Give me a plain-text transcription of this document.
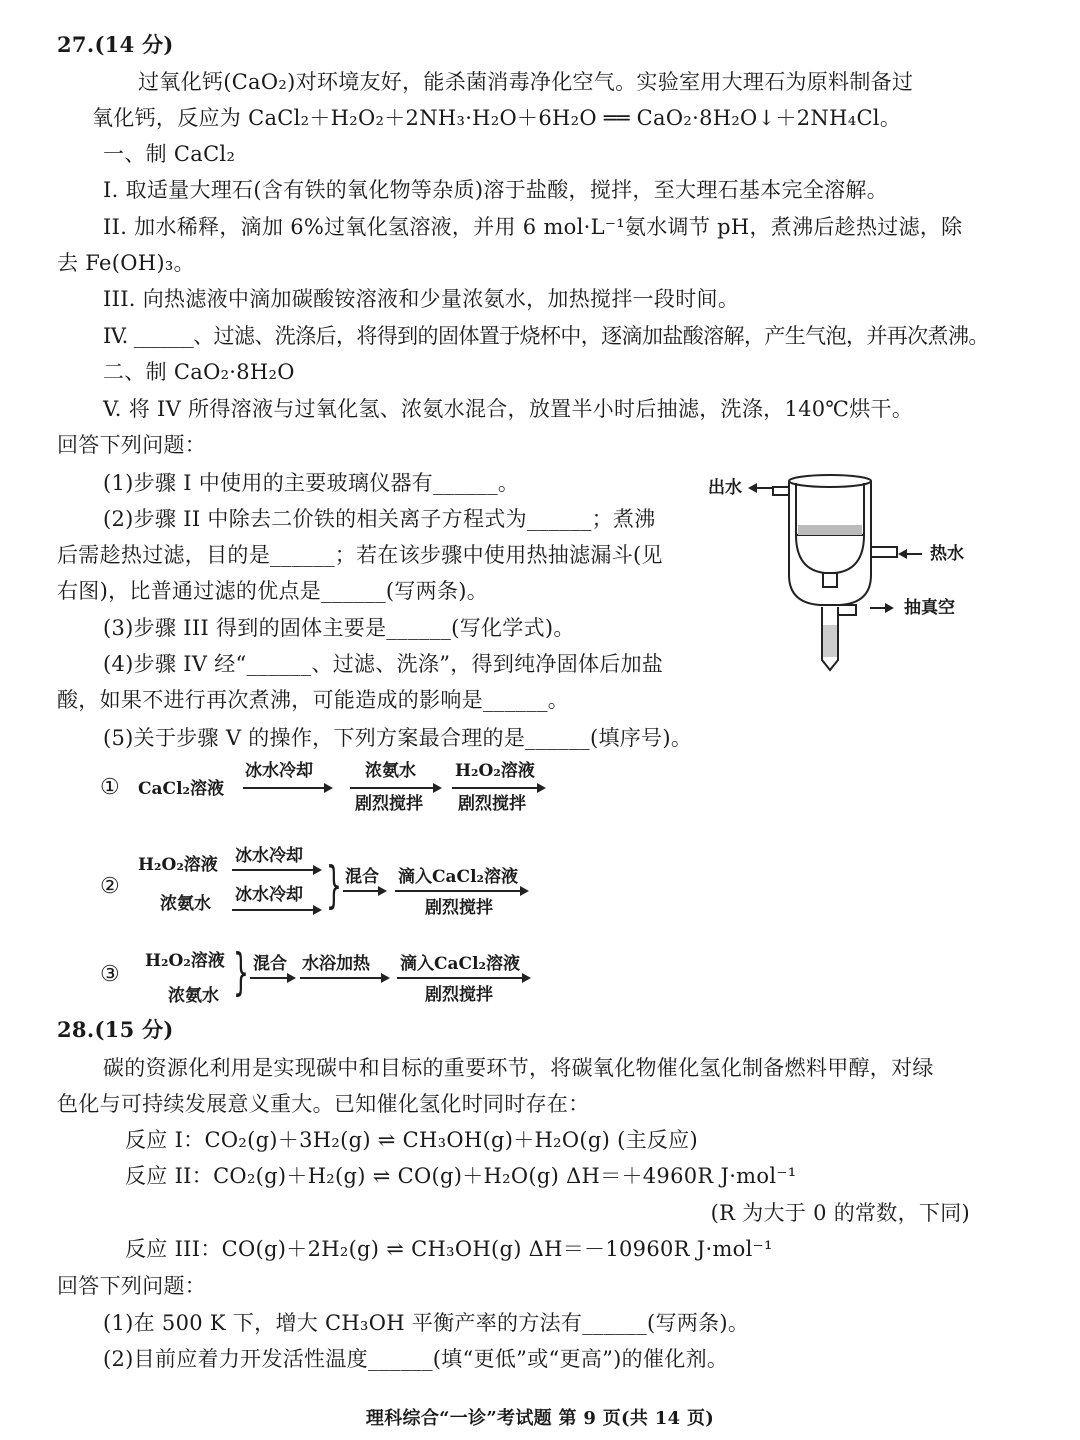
27.(14 分)
过氧化钙(CaO₂)对环境友好，能杀菌消毒净化空气。实验室用大理石为原料制备过
氧化钙，反应为 CaCl₂＋H₂O₂＋2NH₃·H₂O＋6H₂O ══ CaO₂·8H₂O↓＋2NH₄Cl。
一、制 CaCl₂
I. 取适量大理石(含有铁的氧化物等杂质)溶于盐酸，搅拌，至大理石基本完全溶解。
II. 加水稀释，滴加 6%过氧化氢溶液，并用 6 mol·L⁻¹氨水调节 pH，煮沸后趁热过滤，除
去 Fe(OH)₃。
III. 向热滤液中滴加碳酸铵溶液和少量浓氨水，加热搅拌一段时间。
IV. ______、过滤、洗涤后，将得到的固体置于烧杯中，逐滴加盐酸溶解，产生气泡，并再次煮沸。
二、制 CaO₂·8H₂O
V. 将 IV 所得溶液与过氧化氢、浓氨水混合，放置半小时后抽滤，洗涤，140℃烘干。
回答下列问题：
(1)步骤 I 中使用的主要玻璃仪器有______。
(2)步骤 II 中除去二价铁的相关离子方程式为______；煮沸
后需趁热过滤，目的是______；若在该步骤中使用热抽滤漏斗(见
右图)，比普通过滤的优点是______(写两条)。
(3)步骤 III 得到的固体主要是______(写化学式)。
(4)步骤 IV 经“______、过滤、洗涤”，得到纯净固体后加盐
酸，如果不进行再次煮沸，可能造成的影响是______。
(5)关于步骤 V 的操作，下列方案最合理的是______(填序号)。
出水
热水
抽真空
① CaCl₂溶液
冰水冷却	浓氨水
剧烈搅拌
H₂O₂溶液
剧烈搅拌
②
H₂O₂溶液 冰水冷却
浓氨水 冰水冷却 } 混合 滴入CaCl₂溶液
剧烈搅拌
③
H₂O₂溶液
浓氨水 } 混合 水浴加热 滴入CaCl₂溶液
剧烈搅拌
28.(15 分)
碳的资源化利用是实现碳中和目标的重要环节，将碳氧化物催化氢化制备燃料甲醇，对绿
色化与可持续发展意义重大。已知催化氢化时同时存在：
反应 I：CO₂(g)＋3H₂(g) ⇌ CH₃OH(g)＋H₂O(g) (主反应)
反应 II：CO₂(g)＋H₂(g) ⇌ CO(g)＋H₂O(g) ΔH＝＋4960R J·mol⁻¹
(R 为大于 0 的常数，下同)
反应 III：CO(g)＋2H₂(g) ⇌ CH₃OH(g) ΔH＝－10960R J·mol⁻¹
回答下列问题：
(1)在 500 K 下，增大 CH₃OH 平衡产率的方法有______(写两条)。
(2)目前应着力开发活性温度______(填“更低”或“更高”)的催化剂。
理科综合“一诊”考试题 第 9 页(共 14 页)
